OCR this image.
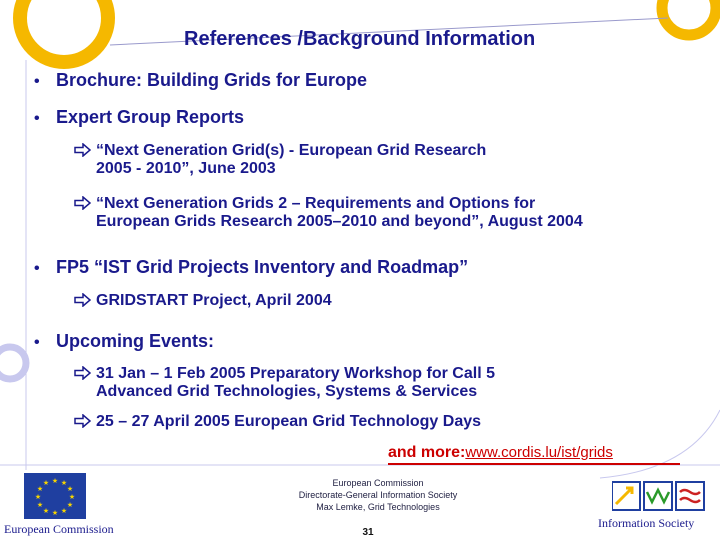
References /Background Information
• Brochure: Building Grids for Europe
• Expert Group Reports
“Next Generation Grid(s) - European Grid Research
2005 - 2010”, June 2003
“Next Generation Grids 2 – Requirements and Options for
European Grids Research 2005–2010 and beyond”, August 2004
• FP5 “IST Grid Projects Inventory and Roadmap”
GRIDSTART Project, April 2004
• Upcoming Events:
31 Jan – 1 Feb 2005 Preparatory Workshop for Call 5
Advanced Grid Technologies, Systems & Services
25 – 27 April 2005 European Grid Technology Days
and more:www.cordis.lu/ist/grids
★ ★
★
★
★
★
★
★
★
★
★
★
European Commission
European Commission
Directorate-General Information Society
Max Lemke, Grid Technologies
31
Information Society
